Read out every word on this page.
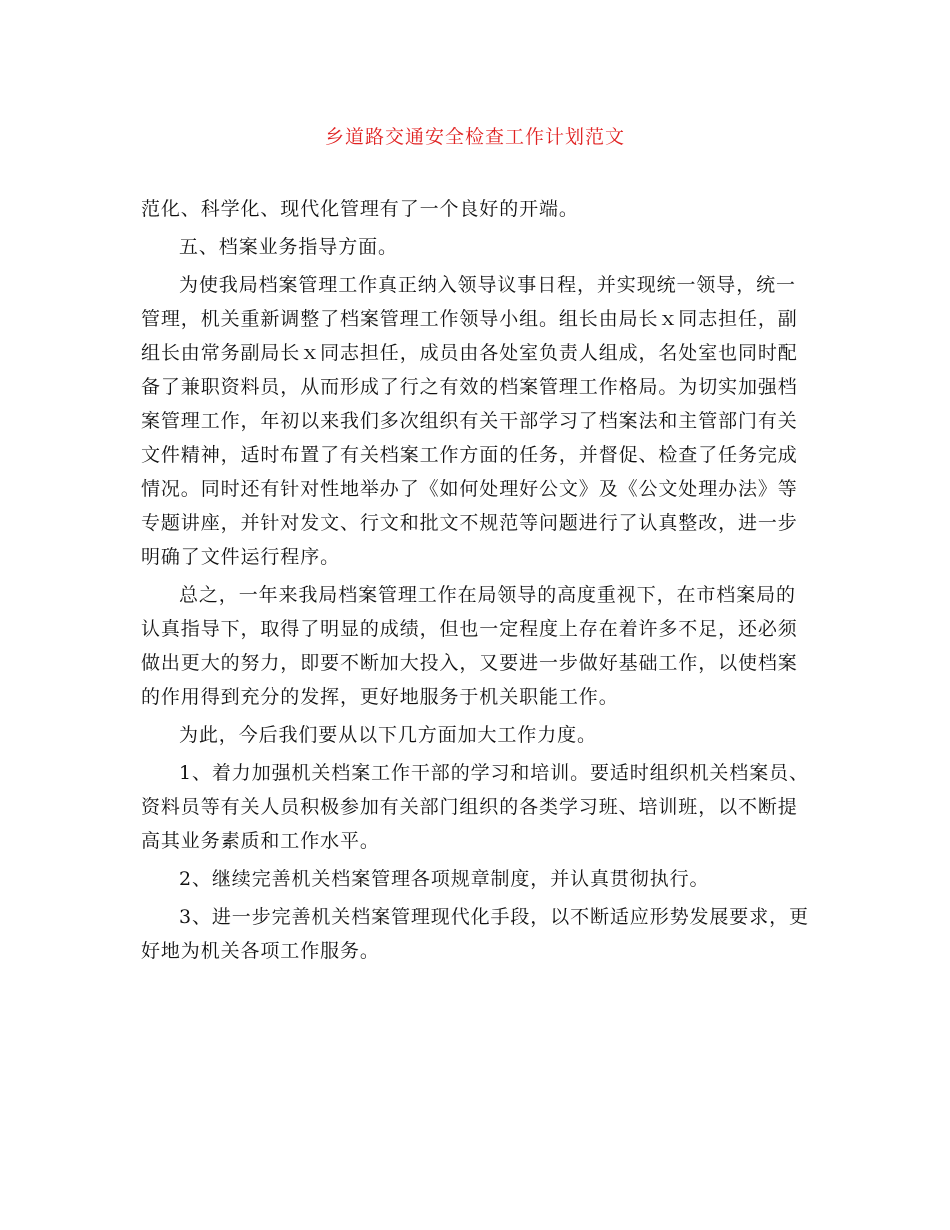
乡道路交通安全检查工作计划范文

范化、科学化、现代化管理有了一个良好的开端。

五、档案业务指导方面。

为使我局档案管理工作真正纳入领导议事日程，并实现统一领导，统一管理，机关重新调整了档案管理工作领导小组。组长由局长ｘ同志担任，副组长由常务副局长ｘ同志担任，成员由各处室负责人组成，名处室也同时配备了兼职资料员，从而形成了行之有效的档案管理工作格局。为切实加强档案管理工作，年初以来我们多次组织有关干部学习了档案法和主管部门有关文件精神，适时布置了有关档案工作方面的任务，并督促、检查了任务完成情况。同时还有针对性地举办了《如何处理好公文》及《公文处理办法》等专题讲座，并针对发文、行文和批文不规范等问题进行了认真整改，进一步明确了文件运行程序。

总之，一年来我局档案管理工作在局领导的高度重视下，在市档案局的认真指导下，取得了明显的成绩，但也一定程度上存在着许多不足，还必须做出更大的努力，即要不断加大投入，又要进一步做好基础工作，以使档案的作用得到充分的发挥，更好地服务于机关职能工作。

为此，今后我们要从以下几方面加大工作力度。

1、着力加强机关档案工作干部的学习和培训。要适时组织机关档案员、资料员等有关人员积极参加有关部门组织的各类学习班、培训班，以不断提高其业务素质和工作水平。

2、继续完善机关档案管理各项规章制度，并认真贯彻执行。

3、进一步完善机关档案管理现代化手段，以不断适应形势发展要求，更好地为机关各项工作服务。
